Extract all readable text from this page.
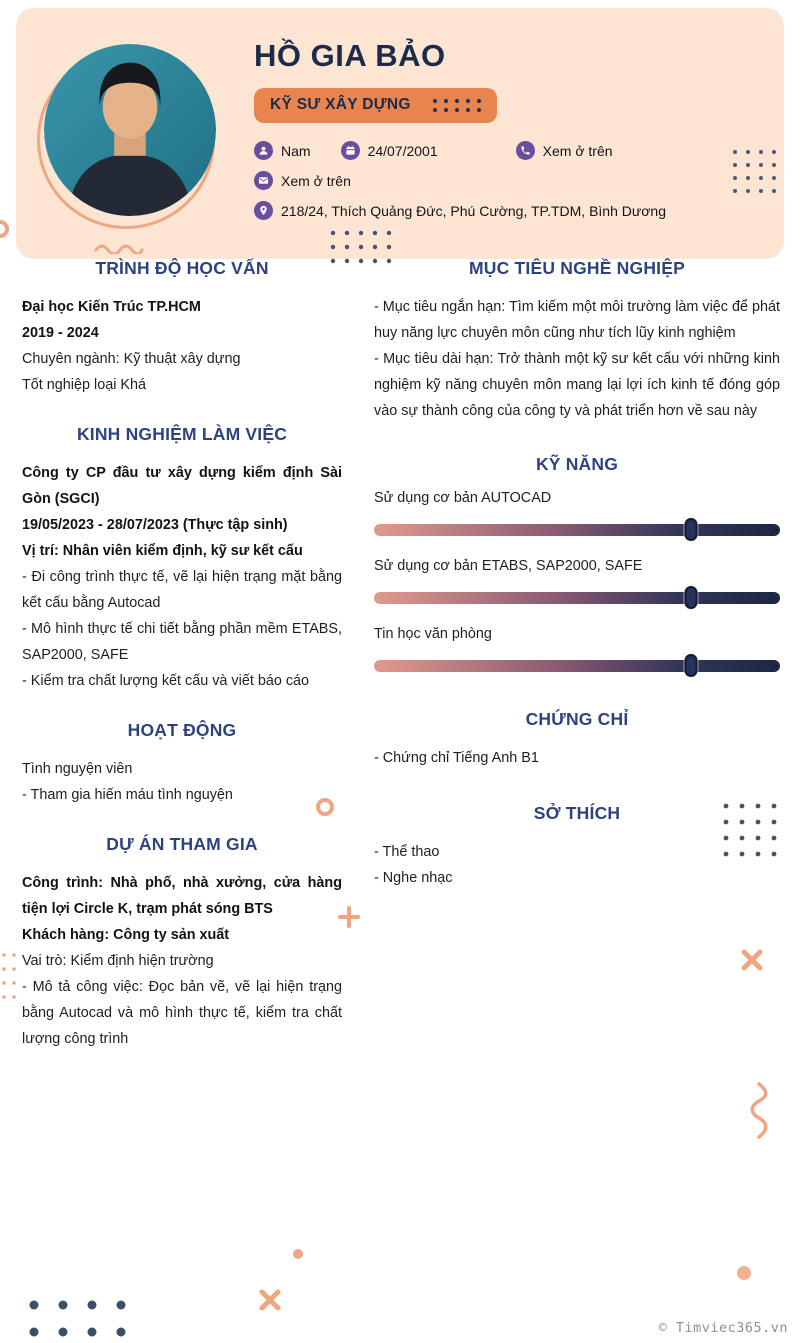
HỒ GIA BẢO
KỸ SƯ XÂY DỰNG
Nam	24/07/2001	Xem ở trên
Xem ở trên
218/24, Thích Quảng Đức, Phú Cường, TP.TDM, Bình Dương
TRÌNH ĐỘ HỌC VẤN

Đại học Kiến Trúc TP.HCM

2019 - 2024

Chuyên ngành: Kỹ thuật xây dựng

Tốt nghiệp loại Khá

KINH NGHIỆM LÀM VIỆC

Công ty CP đầu tư xây dựng kiểm định Sài Gòn (SGCI)

19/05/2023 - 28/07/2023 (Thực tập sinh)

Vị trí: Nhân viên kiểm định, kỹ sư kết cấu

- Đi công trình thực tế, vẽ lại hiện trạng mặt bằng kết cấu bằng Autocad

- Mô hình thực tế chi tiết bằng phần mềm ETABS, SAP2000, SAFE

- Kiểm tra chất lượng kết cấu và viết báo cáo

HOẠT ĐỘNG

Tình nguyện viên

- Tham gia hiến máu tình nguyện

DỰ ÁN THAM GIA

Công trình: Nhà phố, nhà xưởng, cửa hàng tiện lợi Circle K, trạm phát sóng BTS

Khách hàng: Công ty sản xuất

Vai trò: Kiểm định hiện trường

- Mô tả công việc: Đọc bản vẽ, vẽ lại hiện trạng bằng Autocad và mô hình thực tế, kiểm tra chất lượng công trình

MỤC TIÊU NGHỀ NGHIỆP

- Mục tiêu ngắn hạn: Tìm kiếm một môi trường làm việc để phát huy năng lực chuyên môn cũng như tích lũy kinh nghiệm

- Mục tiêu dài hạn: Trở thành một kỹ sư kết cấu với những kinh nghiệm kỹ năng chuyên môn mang lại lợi ích kinh tế đóng góp vào sự thành công của công ty và phát triển hơn về sau này

KỸ NĂNG
Sử dụng cơ bản AUTOCAD
Sử dụng cơ bản ETABS, SAP2000, SAFE
Tin học văn phòng
CHỨNG CHỈ

- Chứng chỉ Tiếng Anh B1

SỞ THÍCH

- Thể thao

- Nghe nhạc

© Timviec365.vn
